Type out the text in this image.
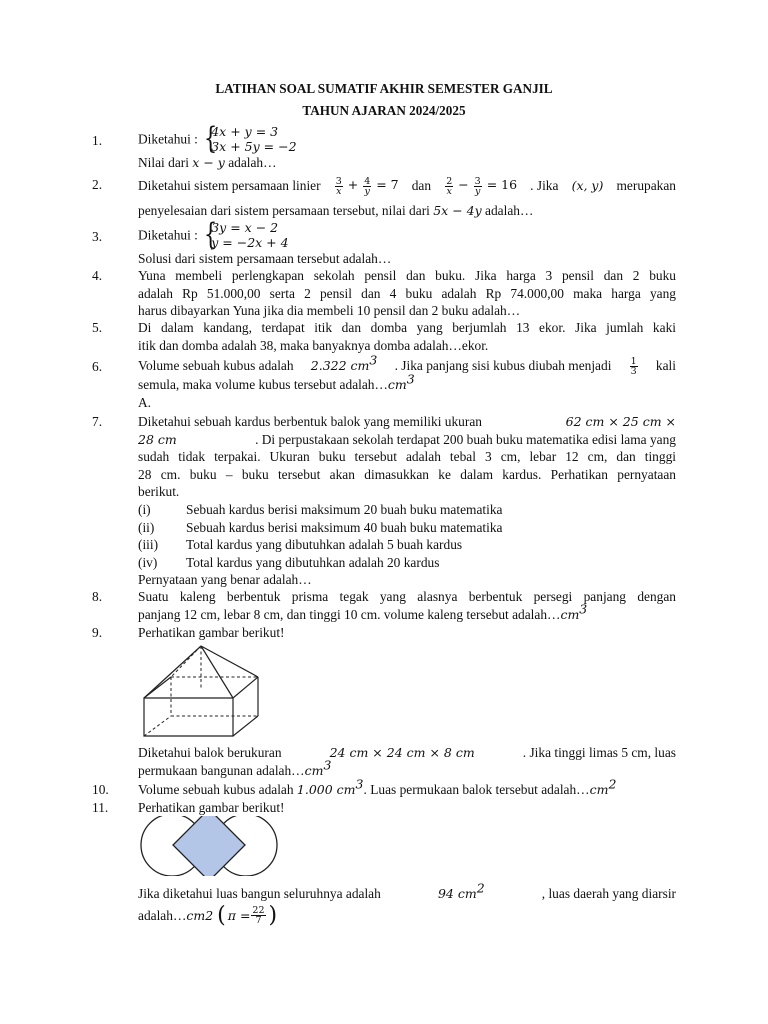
LATIHAN SOAL SUMATIF AKHIR SEMESTER GANJIL
TAHUN AJARAN 2024/2025
1.	Diketahui : {
4x + y = 3
3x + 5y = −2
Nilai dari x − y adalah…
2.	Diketahui sistem persamaan linier $\frac{3}{x} + \frac{4}{y} = 7$ dan $\frac{2}{x} - \frac{3}{y} = 16$ . Jika (x, y) merupakan
penyelesaian dari sistem persamaan tersebut, nilai dari 5x − 4y adalah…
3.	Diketahui : {
3y = x − 2
y = −2x + 4
Solusi dari sistem persamaan tersebut adalah…
4.	Yuna membeli perlengkapan sekolah pensil dan buku. Jika harga 3 pensil dan 2 buku
adalah Rp 51.000,00 serta 2 pensil dan 4 buku adalah Rp 74.000,00 maka harga yang
harus dibayarkan Yuna jika dia membeli 10 pensil dan 2 buku adalah…
5.	Di dalam kandang, terdapat itik dan domba yang berjumlah 13 ekor. Jika jumlah kaki
itik dan domba adalah 38, maka banyaknya domba adalah…ekor.
6.	Volume sebuah kubus adalah 2.322 $cm^3$ . Jika panjang sisi kubus diubah menjadi $\frac{1}{3}$ kali
semula, maka volume kubus tersebut $adalah\dots cm^3$
A.
7.	Diketahui sebuah kardus berbentuk balok yang memiliki ukuran	62 cm × 25 cm ×
28 cm	. Di perpustakaan sekolah terdapat 200 buah buku matematika edisi lama yang
sudah tidak terpakai. Ukuran buku tersebut adalah tebal 3 cm, lebar 12 cm, dan tinggi
28 cm. buku – buku tersebut akan dimasukkan ke dalam kardus. Perhatikan pernyataan
berikut.
(i)	Sebuah kardus berisi maksimum 20 buah buku matematika
(ii) Sebuah kardus berisi maksimum 40 buah buku matematika
(iii) Total kardus yang dibutuhkan adalah 5 buah kardus
(iv) Total kardus yang dibutuhkan adalah 20 kardus
Pernyataan yang benar adalah…
8.	Suatu kaleng berbentuk prisma tegak yang alasnya berbentuk persegi panjang dengan
panjang 12 cm, lebar 8 cm, dan tinggi 10 cm. volume kaleng tersebut $adalah\dots cm^3$
9.	Perhatikan gambar berikut!
Diketahui balok berukuran	24 cm × 24 cm × 8 cm	. Jika tinggi limas 5 cm, luas
permukaan bangunan $adalah\dots cm^3$
10. Volume sebuah kubus adalah 1.000 $cm^3$. Luas permukaan balok tersebut $adalah\dots cm^2$
11. Perhatikan gambar berikut!
Jika diketahui luas bangun seluruhnya adalah	94 $cm^2$	, luas daerah yang diarsir
adalah… cm 2 ( $\pi = \frac{22}{7}$ )
